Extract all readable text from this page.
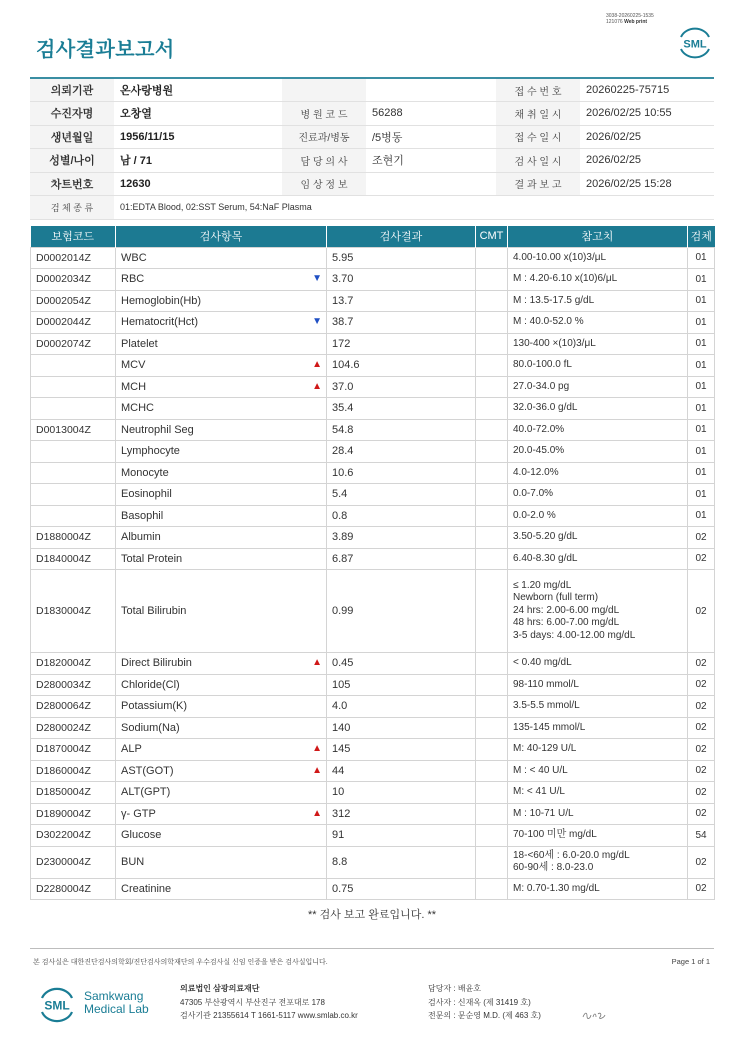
3038-20260225-1535
121076 Web print
검사결과보고서	SML
의뢰기관	온사랑병원			접 수 번 호	20260225-75715
수진자명	오창열	병 원 코 드	56288	채 취 일 시	2026/02/25 10:55
생년월일	1956/11/15	진료과/병동	/5병동	접 수 일 시	2026/02/25
성별/나이	남 / 71	담 당 의 사	조현기	검 사 일 시	2026/02/25
차트번호	12630	임 상 정 보		결 과 보 고	2026/02/25 15:28
검 체 종 류	01:EDTA Blood, 02:SST Serum, 54:NaF Plasma				
보험코드	검사항목	검사결과	CMT	참고치	검체
D0002014Z	WBC	5.95		4.00-10.00 x(10)3/μL	01
D0002034Z	RBC ▼	3.70		M : 4.20-6.10 x(10)6/μL	01
D0002054Z	Hemoglobin(Hb)	13.7		M : 13.5-17.5 g/dL	01
D0002044Z	Hematocrit(Hct) ▼	38.7		M : 40.0-52.0 %	01
D0002074Z	Platelet	172		130-400 ×(10)3/μL	01
	MCV ▲	104.6		80.0-100.0 fL	01
	MCH ▲	37.0		27.0-34.0 pg	01
	MCHC	35.4		32.0-36.0 g/dL	01
D0013004Z	Neutrophil Seg	54.8		40.0-72.0%	01
	Lymphocyte	28.4		20.0-45.0%	01
	Monocyte	10.6		4.0-12.0%	01
	Eosinophil	5.4		0.0-7.0%	01
	Basophil	0.8		0.0-2.0 %	01
D1880004Z	Albumin	3.89		3.50-5.20 g/dL	02
D1840004Z	Total Protein	6.87		6.40-8.30 g/dL	02
D1830004Z	Total Bilirubin	0.99		≤ 1.20 mg/dL
Newborn (full term)
24 hrs: 2.00-6.00 mg/dL
48 hrs: 6.00-7.00 mg/dL
3-5 days: 4.00-12.00 mg/dL	02
D1820004Z	Direct Bilirubin ▲	0.45		< 0.40 mg/dL	02
D2800034Z	Chloride(Cl)	105		98-110 mmol/L	02
D2800064Z	Potassium(K)	4.0		3.5-5.5 mmol/L	02
D2800024Z	Sodium(Na)	140		135-145 mmol/L	02
D1870004Z	ALP ▲	145		M: 40-129 U/L	02
D1860004Z	AST(GOT) ▲	44		M : < 40 U/L	02
D1850004Z	ALT(GPT)	10		M: < 41 U/L	02
D1890004Z	γ- GTP ▲	312		M : 10-71 U/L	02
D3022004Z	Glucose	91		70-100 미만 mg/dL	54
D2300004Z	BUN	8.8		18-<60세 : 6.0-20.0 mg/dL
60-90세 : 8.0-23.0	02
D2280004Z	Creatinine	0.75		M: 0.70-1.30 mg/dL	02
** 검사 보고 완료입니다. **
본 검사실은 대한진단검사의학회/진단검사의학재단의 우수검사실 신임 인증을 받은 검사실입니다.	Page 1 of 1
SML
Samkwang
Medical Lab
의료법인 삼광의료재단
47305 부산광역시 부산진구 전포대로 178
검사기관 21355614 T 1661-5117 www.smlab.co.kr
담당자 : 배윤호
검사자 : 신재옥 (제 31419 호)
전문의 : 문순영 M.D. (제 463 호)
